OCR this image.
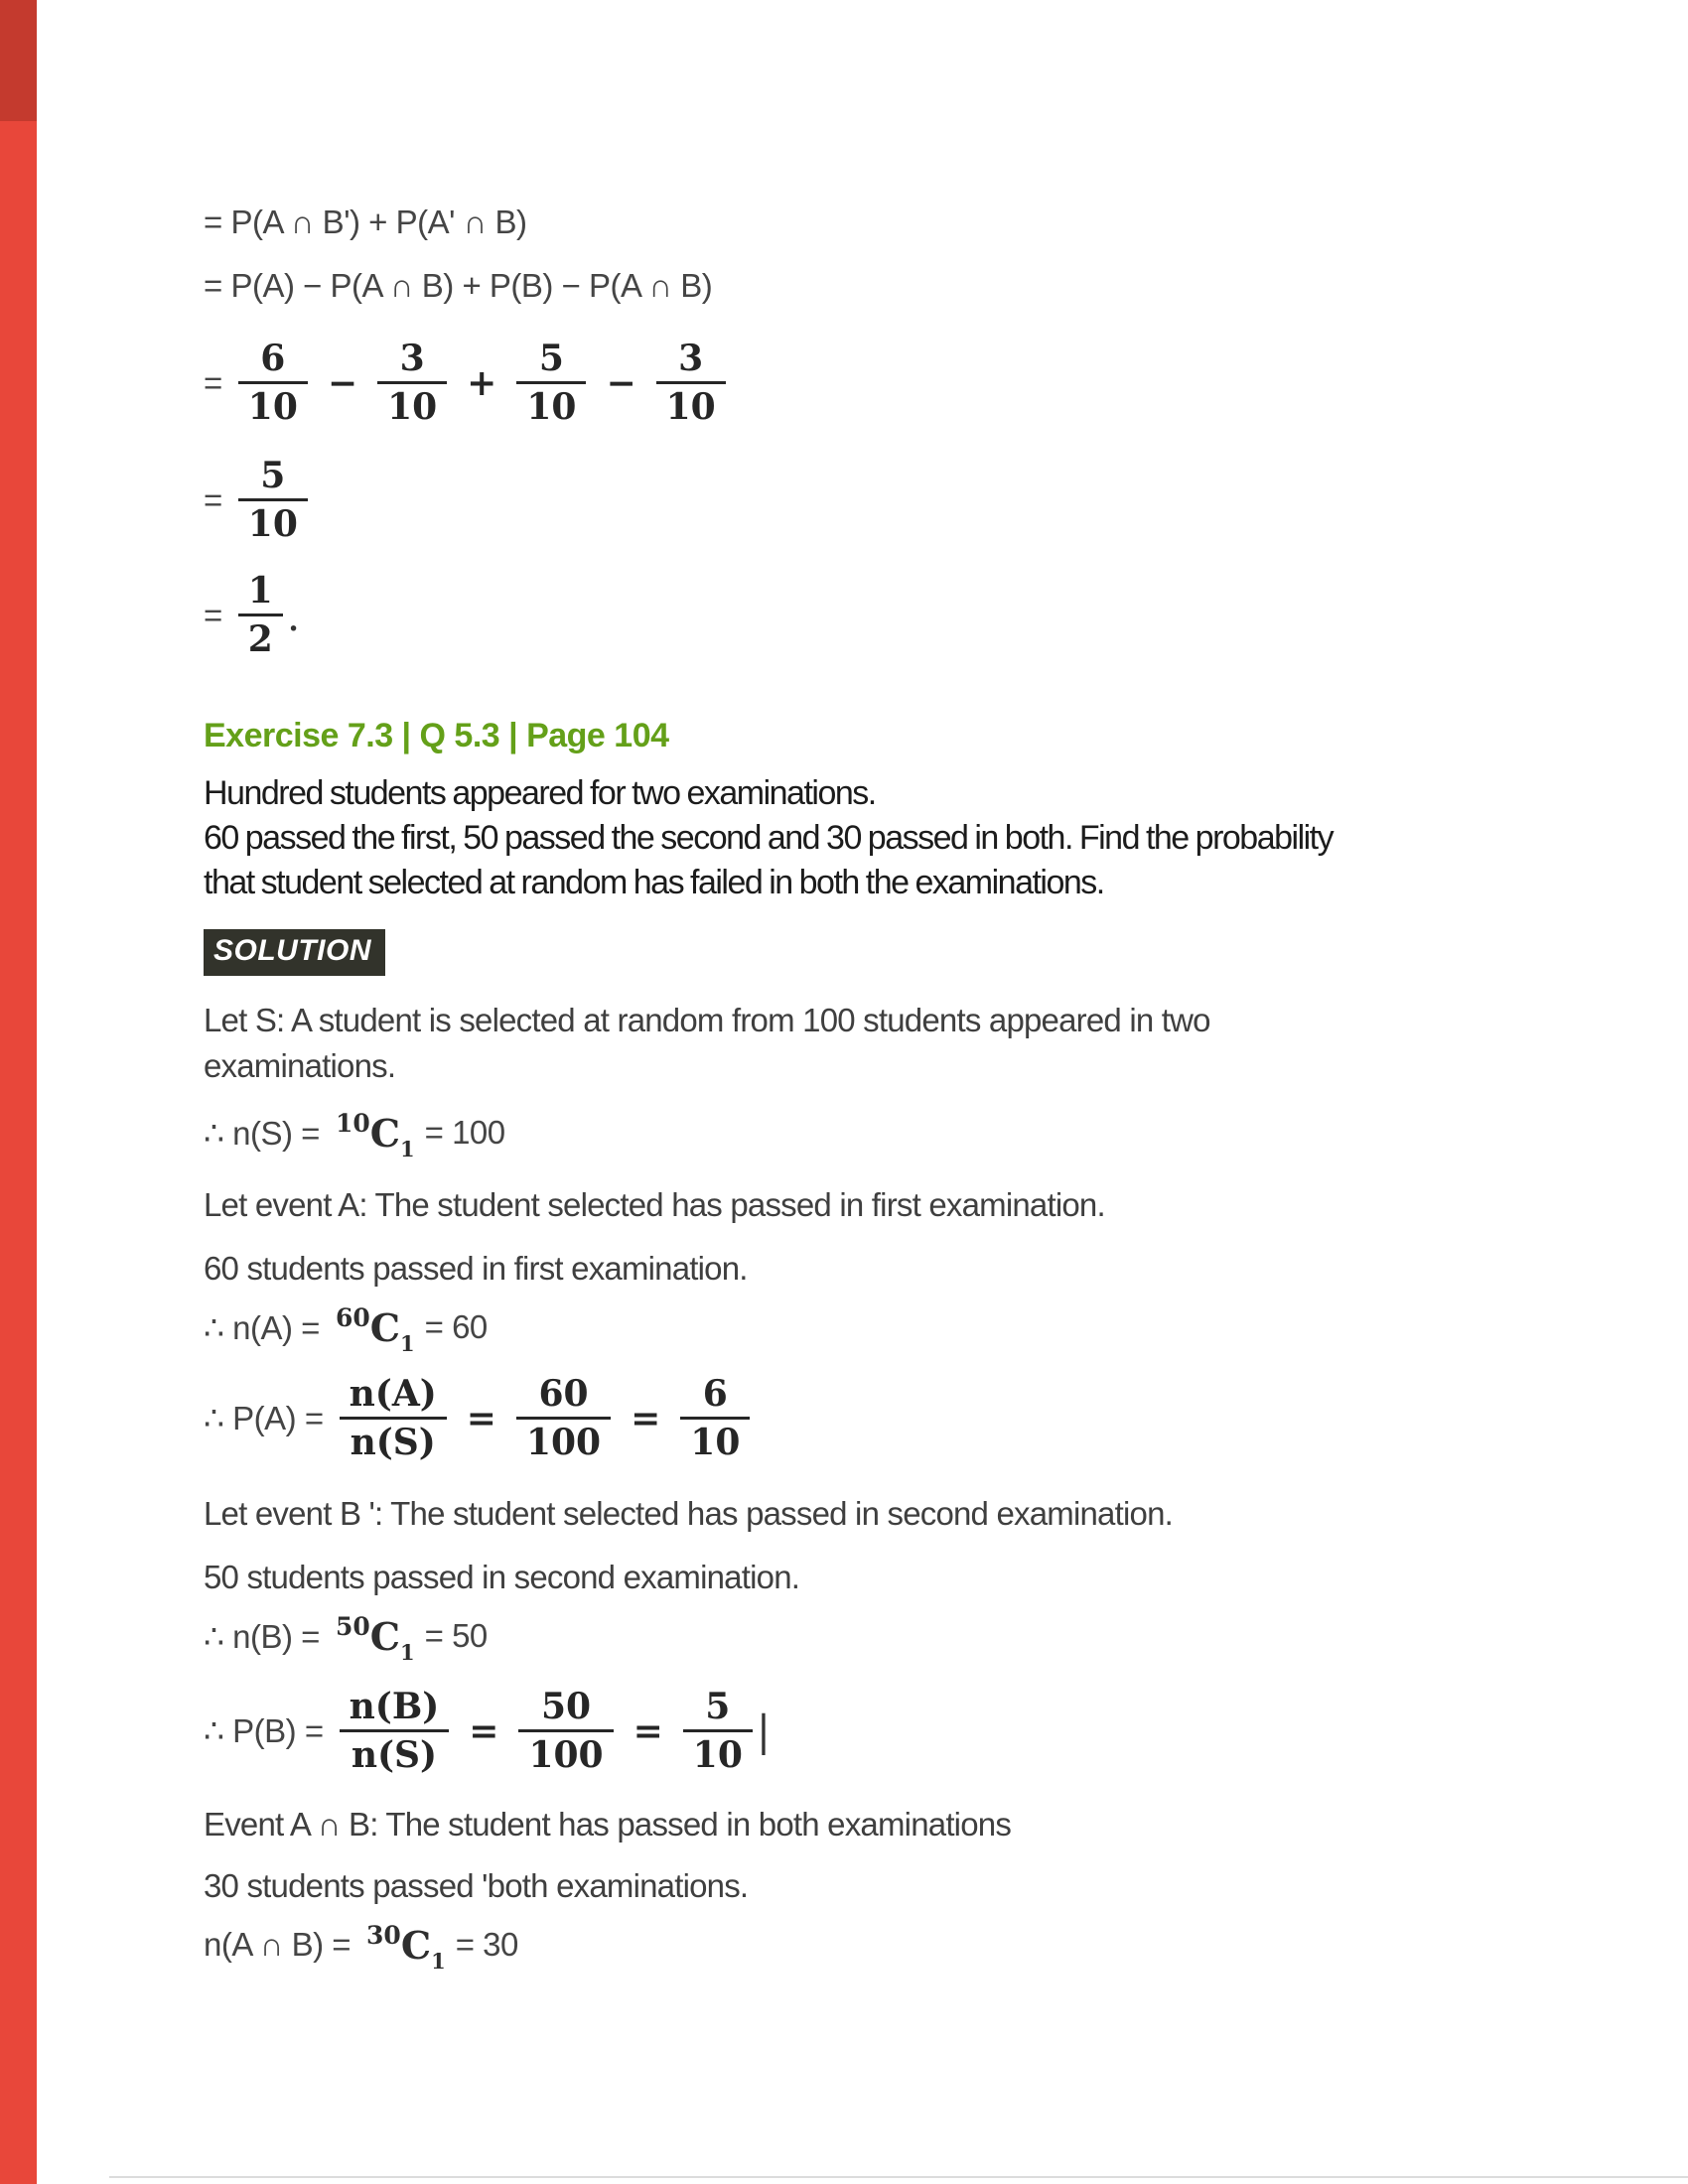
= P(A ∩ B') + P(A' ∩ B)
= P(A) − P(A ∩ B) + P(B) − P(A ∩ B)
= $\frac{6}{10} - \frac{3}{10} + \frac{5}{10} - \frac{3}{10}$
= $\frac{5}{10}$
= $\frac{1}{2}$ .
Exercise 7.3 | Q 5.3 | Page 104
Hundred students appeared for two examinations.
60 passed the first, 50 passed the second and 30 passed in both. Find the probability
that student selected at random has failed in both the examinations.
SOLUTION
Let S: A student is selected at random from 100 students appeared in two
examinations.
∴ $n(S) = ^{10}C_1 = 100$
Let event A: The student selected has passed in first examination.
60 students passed in first examination.
∴ $n(A) = ^{60}C_1 = 60$
∴ $P(A) = \frac{n(A)}{n(S)} = \frac{60}{100} = \frac{6}{10}$
Let event B ': The student selected has passed in second examination.
50 students passed in second examination.
∴ $n(B) = ^{50}C_1 = 50$
∴ $P(B) = \frac{n(B)}{n(S)} = \frac{50}{100} = \frac{5}{10}$ |
Event A ∩ B: The student has passed in both examinations
30 students passed 'both examinations.
n(A ∩ $B) = ^{30}C_1 = 30$
